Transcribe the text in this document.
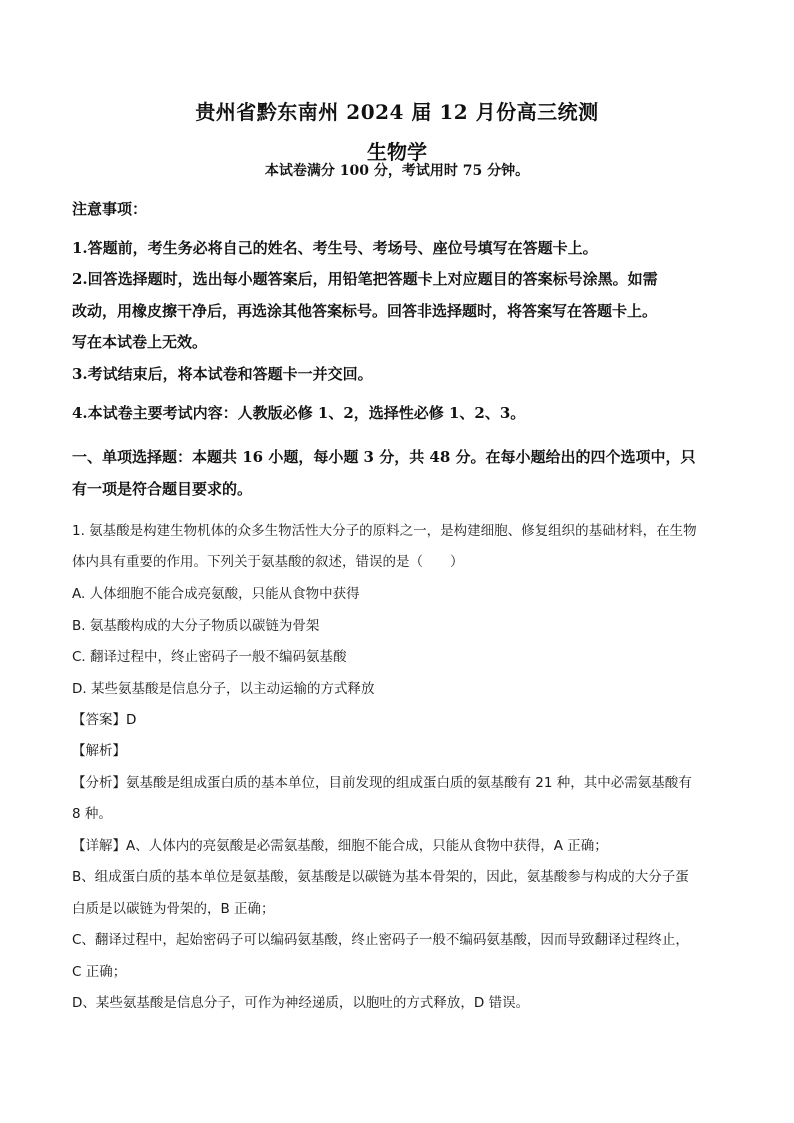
贵州省黔东南州 2024 届 12 月份高三统测
生物学
本试卷满分 100 分，考试用时 75 分钟。
注意事项：
1.答题前，考生务必将自己的姓名、考生号、考场号、座位号填写在答题卡上。
2.回答选择题时，选出每小题答案后，用铅笔把答题卡上对应题目的答案标号涂黑。如需
改动，用橡皮擦干净后，再选涂其他答案标号。回答非选择题时，将答案写在答题卡上。
写在本试卷上无效。
3.考试结束后，将本试卷和答题卡一并交回。
4.本试卷主要考试内容：人教版必修 1、2，选择性必修 1、2、3。
一、单项选择题：本题共 16 小题，每小题 3 分，共 48 分。在每小题给出的四个选项中，只
有一项是符合题目要求的。
1. 氨基酸是构建生物机体的众多生物活性大分子的原料之一，是构建细胞、修复组织的基础材料，在生物
体内具有重要的作用。下列关于氨基酸的叙述，错误的是（　　）
A. 人体细胞不能合成亮氨酸，只能从食物中获得
B. 氨基酸构成的大分子物质以碳链为骨架
C. 翻译过程中，终止密码子一般不编码氨基酸
D. 某些氨基酸是信息分子，以主动运输的方式释放
【答案】D
【解析】
【分析】氨基酸是组成蛋白质的基本单位，目前发现的组成蛋白质的氨基酸有 21 种，其中必需氨基酸有
8 种。
【详解】A、人体内的亮氨酸是必需氨基酸，细胞不能合成，只能从食物中获得，A 正确；
B、组成蛋白质的基本单位是氨基酸，氨基酸是以碳链为基本骨架的，因此，氨基酸参与构成的大分子蛋
白质是以碳链为骨架的，B 正确；
C、翻译过程中，起始密码子可以编码氨基酸，终止密码子一般不编码氨基酸，因而导致翻译过程终止，
C 正确；
D、某些氨基酸是信息分子，可作为神经递质，以胞吐的方式释放，D 错误。
